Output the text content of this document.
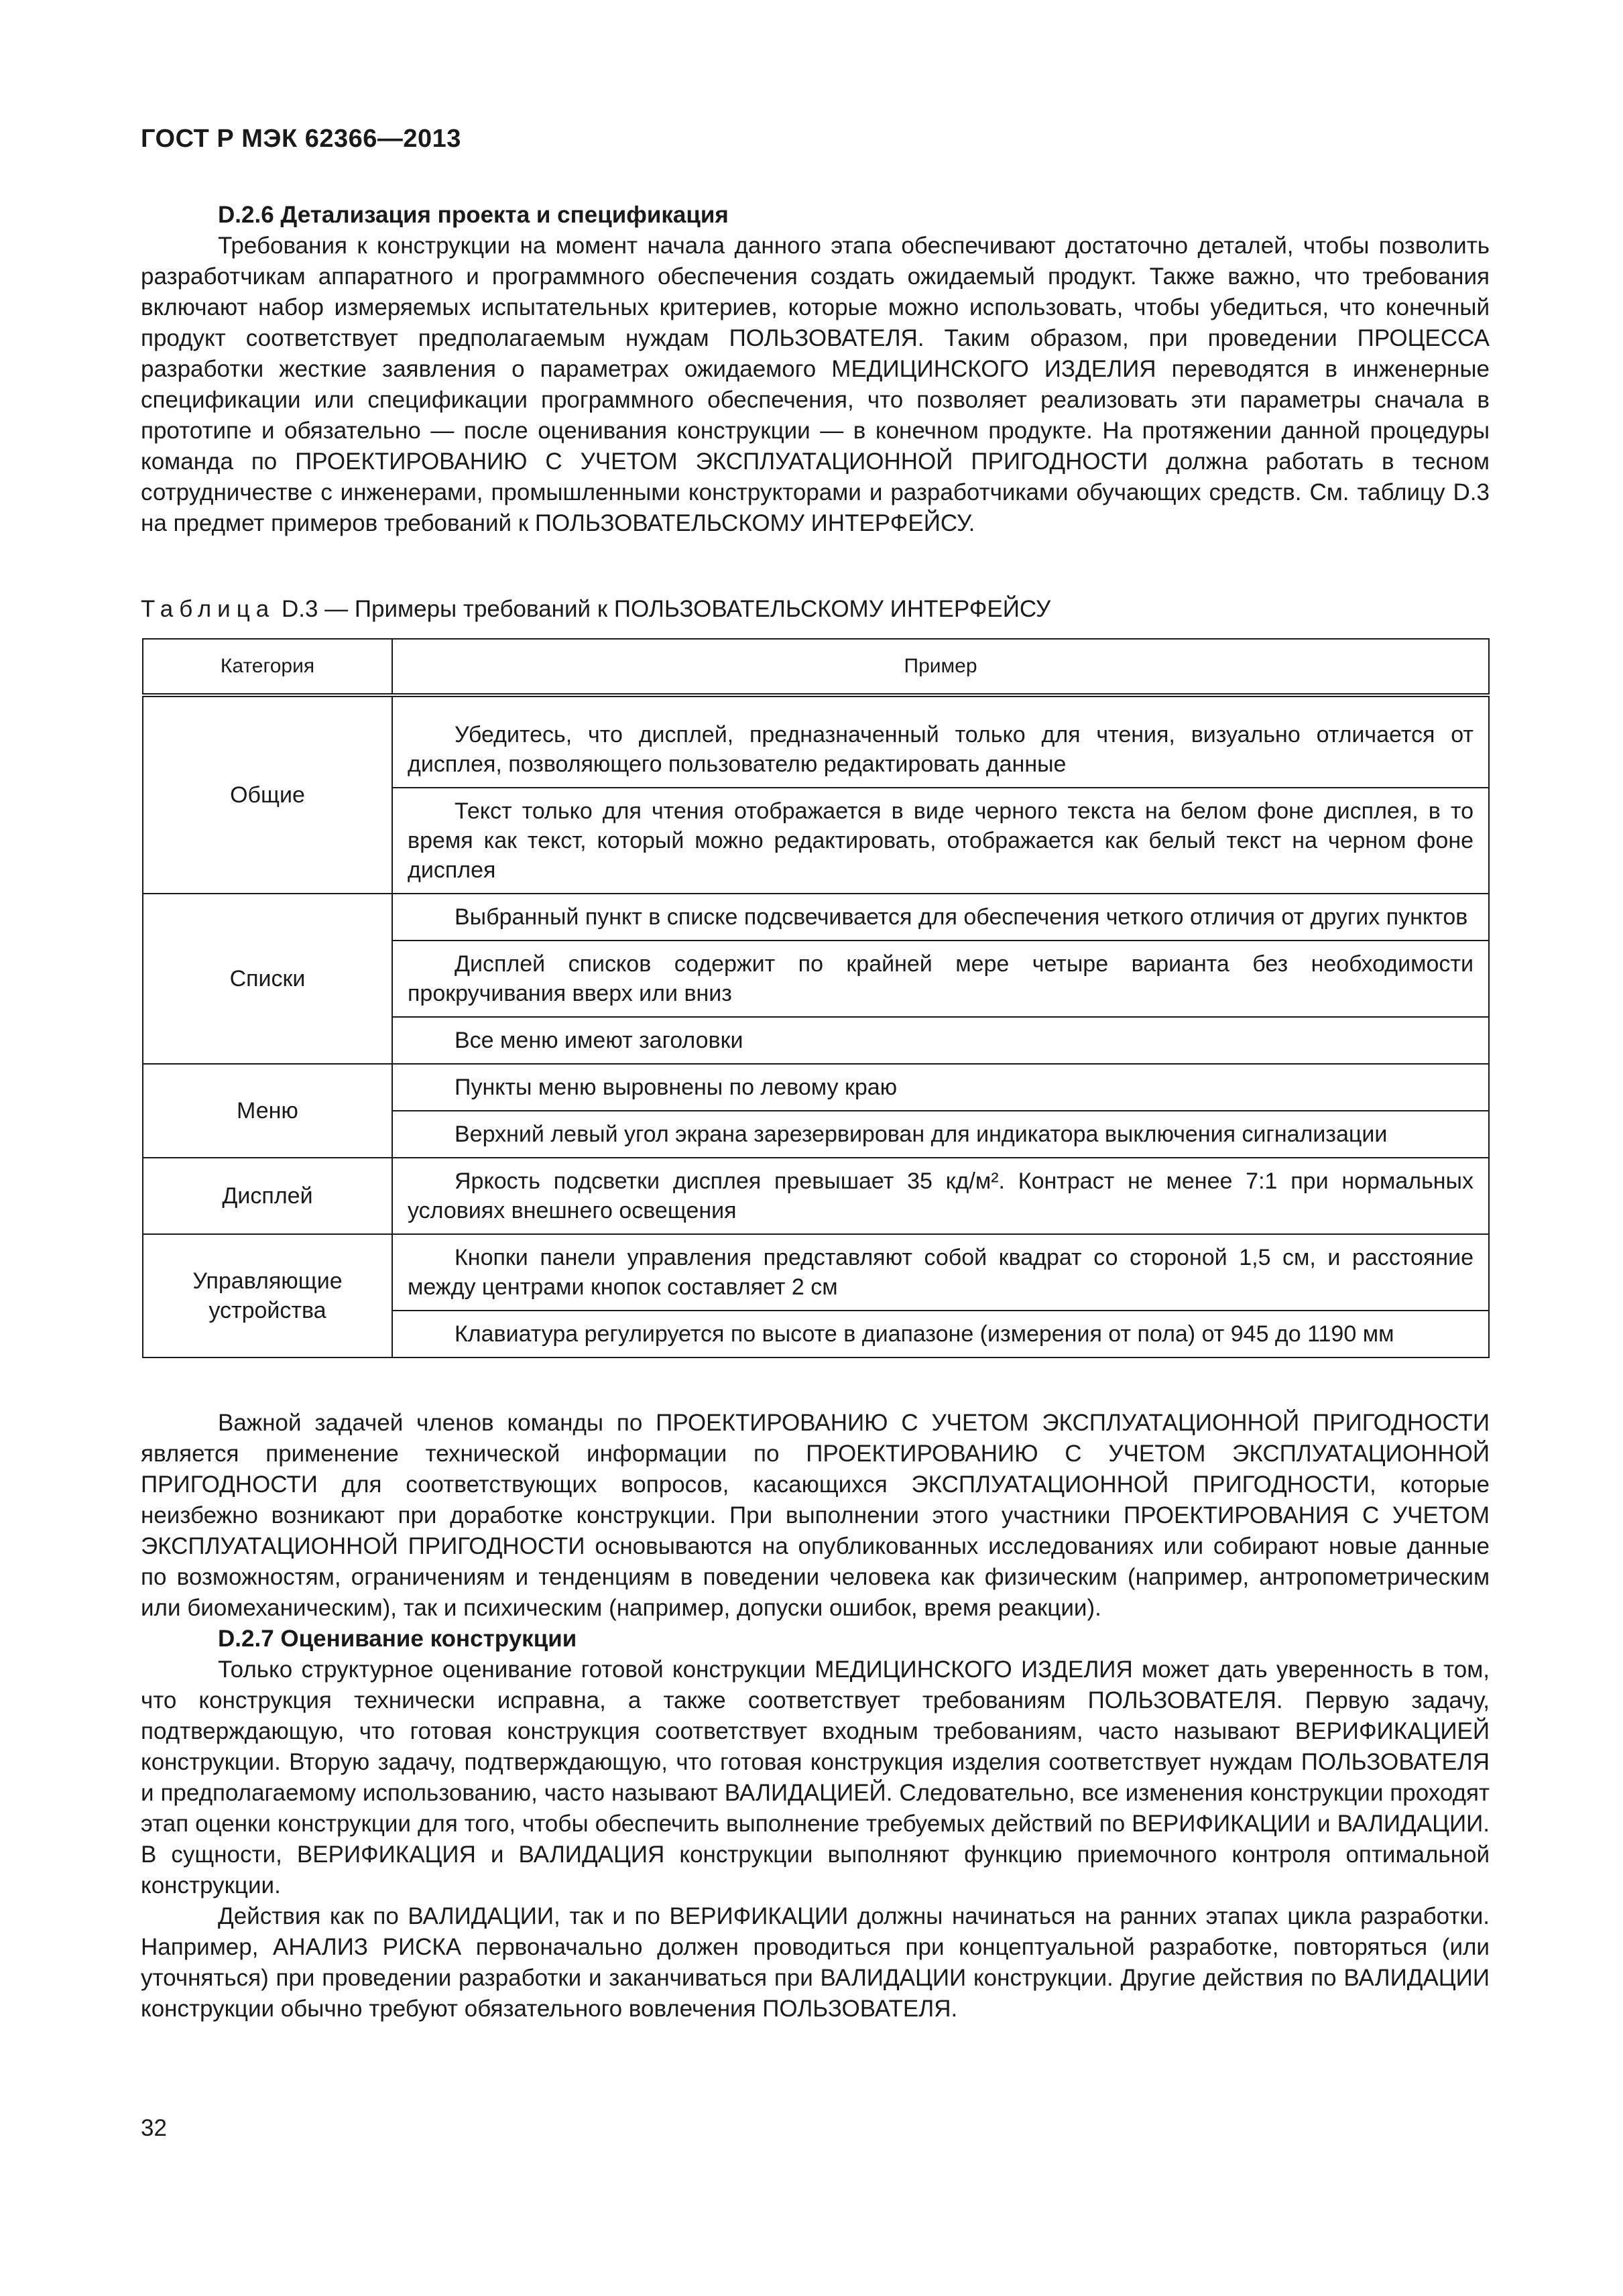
ГОСТ Р МЭК 62366—2013

D.2.6 Детализация проекта и спецификация

Требования к конструкции на момент начала данного этапа обеспечивают достаточно деталей, чтобы позволить разработчикам аппаратного и программного обеспечения создать ожидаемый продукт. Также важно, что требования включают набор измеряемых испытательных критериев, которые можно использовать, чтобы убедиться, что конечный продукт соответствует предполагаемым нуждам ПОЛЬЗОВАТЕЛЯ. Таким образом, при проведении ПРОЦЕССА разработки жесткие заявления о параметрах ожидаемого МЕДИЦИНСКОГО ИЗДЕЛИЯ переводятся в инженерные спецификации или спецификации программного обеспечения, что позволяет реализовать эти параметры сначала в прототипе и обязательно — после оценивания конструкции — в конечном продукте. На протяжении данной процедуры команда по ПРОЕКТИРОВАНИЮ С УЧЕТОМ ЭКСПЛУАТАЦИОННОЙ ПРИГОДНОСТИ должна работать в тесном сотрудничестве с инженерами, промышленными конструкторами и разработчиками обучающих средств. См. таблицу D.3 на предмет примеров требований к ПОЛЬЗОВАТЕЛЬСКОМУ ИНТЕРФЕЙСУ.

Таблица D.3 — Примеры требований к ПОЛЬЗОВАТЕЛЬСКОМУ ИНТЕРФЕЙСУ
Категория	Пример
Общие	Убедитесь, что дисплей, предназначенный только для чтения, визуально отличается от дисплея, позволяющего пользователю редактировать данные
	Текст только для чтения отображается в виде черного текста на белом фоне дисплея, в то время как текст, который можно редактировать, отображается как белый текст на черном фоне дисплея
Списки	Выбранный пункт в списке подсвечивается для обеспечения четкого отличия от других пунктов
	Дисплей списков содержит по крайней мере четыре варианта без необходимости прокручивания вверх или вниз
	Все меню имеют заголовки
Меню	Пункты меню выровнены по левому краю
	Верхний левый угол экрана зарезервирован для индикатора выключения сигнализации
Дисплей	Яркость подсветки дисплея превышает 35 кд/м². Контраст не менее 7:1 при нормальных условиях внешнего освещения
Управляющие
устройства	Кнопки панели управления представляют собой квадрат со стороной 1,5 см, и расстояние между центрами кнопок составляет 2 см
	Клавиатура регулируется по высоте в диапазоне (измерения от пола) от 945 до 1190 мм

Важной задачей членов команды по ПРОЕКТИРОВАНИЮ С УЧЕТОМ ЭКСПЛУАТАЦИОННОЙ ПРИГОДНОСТИ является применение технической информации по ПРОЕКТИРОВАНИЮ С УЧЕТОМ ЭКСПЛУАТАЦИОННОЙ ПРИГОДНОСТИ для соответствующих вопросов, касающихся ЭКСПЛУАТАЦИОННОЙ ПРИГОДНОСТИ, которые неизбежно возникают при доработке конструкции. При выполнении этого участники ПРОЕКТИРОВАНИЯ С УЧЕТОМ ЭКСПЛУАТАЦИОННОЙ ПРИГОДНОСТИ основываются на опубликованных исследованиях или собирают новые данные по возможностям, ограничениям и тенденциям в поведении человека как физическим (например, антропометрическим или биомеханическим), так и психическим (например, допуски ошибок, время реакции).

D.2.7 Оценивание конструкции

Только структурное оценивание готовой конструкции МЕДИЦИНСКОГО ИЗДЕЛИЯ может дать уверенность в том, что конструкция технически исправна, а также соответствует требованиям ПОЛЬЗОВАТЕЛЯ. Первую задачу, подтверждающую, что готовая конструкция соответствует входным требованиям, часто называют ВЕРИФИКАЦИЕЙ конструкции. Вторую задачу, подтверждающую, что готовая конструкция изделия соответствует нуждам ПОЛЬЗОВАТЕЛЯ и предполагаемому использованию, часто называют ВАЛИДАЦИЕЙ. Следовательно, все изменения конструкции проходят этап оценки конструкции для того, чтобы обеспечить выполнение требуемых действий по ВЕРИФИКАЦИИ и ВАЛИДАЦИИ. В сущности, ВЕРИФИКАЦИЯ и ВАЛИДАЦИЯ конструкции выполняют функцию приемочного контроля оптимальной конструкции.

Действия как по ВАЛИДАЦИИ, так и по ВЕРИФИКАЦИИ должны начинаться на ранних этапах цикла разработки. Например, АНАЛИЗ РИСКА первоначально должен проводиться при концептуальной разработке, повторяться (или уточняться) при проведении разработки и заканчиваться при ВАЛИДАЦИИ конструкции. Другие действия по ВАЛИДАЦИИ конструкции обычно требуют обязательного вовлечения ПОЛЬЗОВАТЕЛЯ.

32
